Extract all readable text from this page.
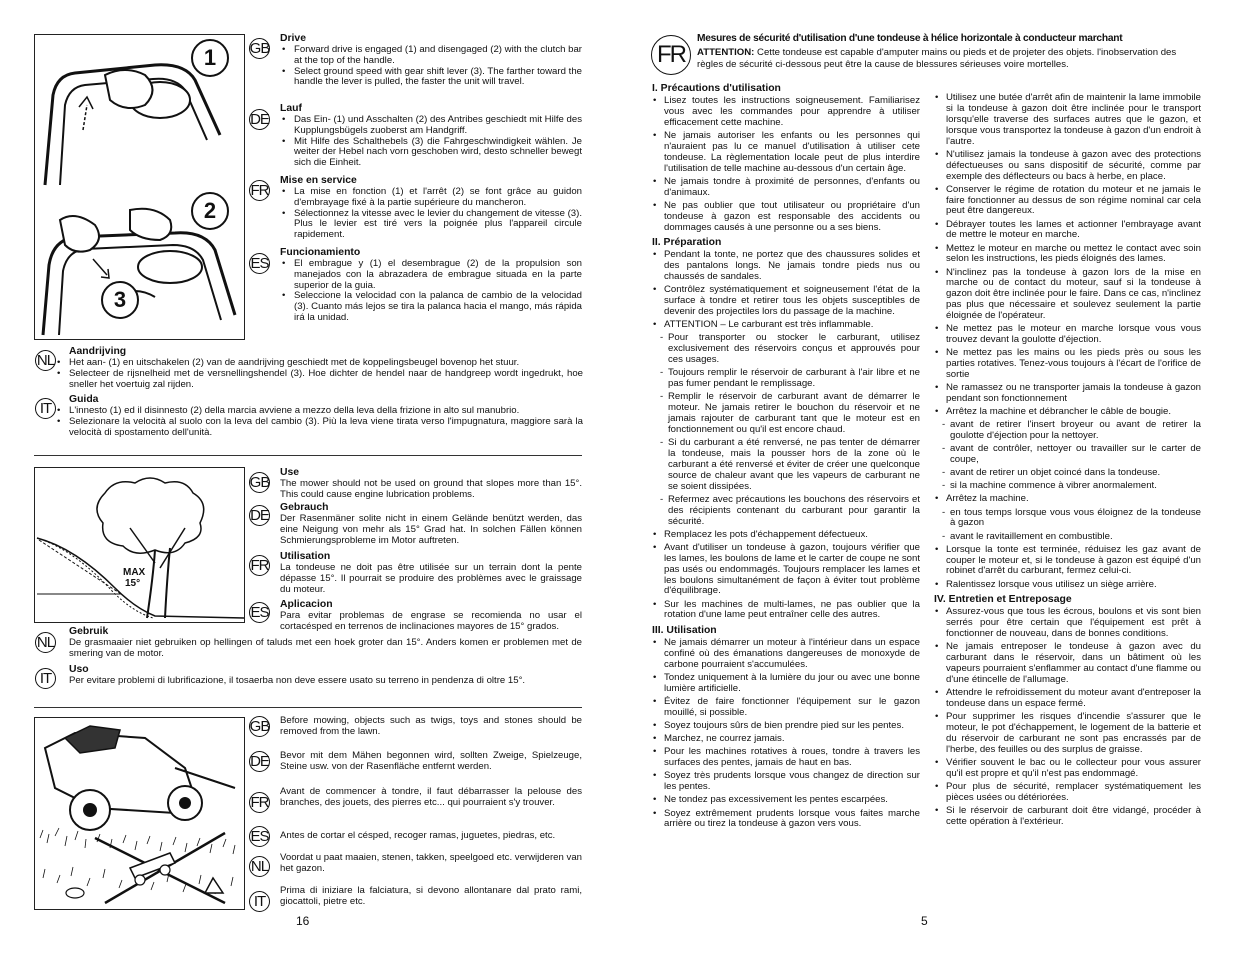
1
2
3
GB
Drive
• Forward drive is engaged (1) and disengaged (2) with the clutch bar at the top of the handle.
• Select ground speed with gear shift lever (3). The farther toward the handle the lever is pulled, the faster the unit will travel.
DE
Lauf
• Das Ein- (1) und Asschalten (2) des Antribes geschiedt mit Hilfe des Kupplungsbügels zuoberst am Handgriff.
• Mit Hilfe des Schalthebels (3) die Fahrgeschwindigkeit wählen. Je weiter der Hebel nach vorn geschoben wird, desto schneller bewegt sich die Einheit.
FR
Mise en service
• La mise en fonction (1) et l'arrêt (2) se font grâce au guidon d'embrayage fixé à la partie supérieure du mancheron.
• Sélectionnez la vitesse avec le levier du changement de vitesse (3). Plus le levier est tiré vers la poignée plus l'appareil circule rapidement.
ES
Funcionamiento
• El embrague y (1) el desembrague (2) de la propulsion son manejados con la abrazadera de embrague situada en la parte superior de la guia.
• Seleccione la velocidad con la palanca de cambio de la velocidad (3). Cuanto más lejos se tira la palanca hacia el mango, más rápida irá la unidad.
NL
Aandrijving
• Het aan- (1) en uitschakelen (2) van de aandrijving geschiedt met de koppelingsbeugel bovenop het stuur.
• Selecteer de rijsnelheid met de versnellingshendel (3). Hoe dichter de hendel naar de handgreep wordt ingedrukt, hoe sneller het voertuig zal rijden.
IT
Guida
• L'innesto (1) ed il disinnesto (2) della marcia avviene a mezzo della leva della frizione in alto sul manubrio.
• Selezionare la velocità al suolo con la leva del cambio (3). Più la leva viene tirata verso l'impugnatura, maggiore sarà la velocità di spostamento dell'unità.
MAX
15°
GB
Use

The mower should not be used on ground that slopes more than 15°. This could cause engine lubrication problems.

DE Gebrauch

Der Rasenmäner solite nicht in einem Gelände benützt werden, das eine Neigung von mehr als 15° Grad hat. In solchen Fällen können Schmierungsprobleme im Motor auftreten.

FR
Utilisation

La tondeuse ne doit pas être utilisée sur un terrain dont la pente dépasse 15°. Il pourrait se produire des problèmes avec le graissage du moteur.

ES Aplicacion

Para evitar problemas de engrase se recomienda no usar el cortacésped en terrenos de inclinaciones mayores de 15° grados.

NL
Gebruik

De grasmaaier niet gebruiken op hellingen of taluds met een hoek groter dan 15°. Anders komen er problemen met de smering van de motor.

IT
Uso

Per evitare problemi di lubrificazione, il tosaerba non deve essere usato su terreno in pendenza di oltre 15°.

GB Before mowing, objects such as twigs, toys and stones should be removed from the lawn.
DE Bevor mit dem Mähen begonnen wird, sollten Zweige, Spielzeuge, Steine usw. von der Rasenfläche entfernt werden.
FR
Avant de commencer à tondre, il faut débarrasser la pelouse des branches, des jouets, des pierres etc... qui pourraient s'y trouver.
ES Antes de cortar el césped, recoger ramas, juguetes, piedras, etc.
NL
Voordat u paat maaien, stenen, takken, speelgoed etc. verwijderen van het gazon.
IT
Prima di iniziare la falciatura, si devono allontanare dal prato rami, giocattoli, pietre etc.
16
FR
Mesures de sécurité d'utilisation d'une tondeuse à hélice horizontale à conducteur marchant
ATTENTION: Cette tondeuse est capable d'amputer mains ou pieds et de projeter des objets. l'inobservation des règles de sécurité ci-dessous peut être la cause de blessures sérieuses voire mortelles.
I. Précautions d'utilisation
• Lisez toutes les instructions soigneusement. Familiarisez vous avec les commandes pour apprendre à utiliser efficacement cette machine.
• Ne jamais autoriser les enfants ou les personnes qui n'auraient pas lu ce manuel d'utilisation à utiliser cete tondeuse. La règlementation locale peut de plus interdire l'utilisation de telle machine au-dessous d'un certain âge.
• Ne jamais tondre à proximité de personnes, d'enfants ou d'animaux.
• Ne pas oublier que tout utilisateur ou propriétaire d'un tondeuse à gazon est responsable des accidents ou dommages causés à une personne ou a ses biens.
II. Préparation
• Pendant la tonte, ne portez que des chaussures solides et des pantalons longs. Ne jamais tondre pieds nus ou chaussés de sandales.
• Contrôlez systématiquement et soigneusement l'état de la surface à tondre et retirer tous les objets susceptibles de devenir des projectiles lors du passage de la machine.
• ATTENTION – Le carburant est très inflammable.
- Pour transporter ou stocker le carburant, utilisez exclusivement des réservoirs conçus et approuvés pour ces usages.
- Toujours remplir le réservoir de carburant à l'air libre et ne pas fumer pendant le remplissage.
- Remplir le réservoir de carburant avant de démarrer le moteur. Ne jamais retirer le bouchon du réservoir et ne jamais rajouter de carburant tant que le moteur est en fonctionnement ou qu'il est encore chaud.
- Si du carburant a été renversé, ne pas tenter de démarrer la tondeuse, mais la pousser hors de la zone où le carburant a été renversé et éviter de créer une quelconque source de chaleur avant que les vapeurs de carburant ne se soient dissipées.
- Refermez avec précautions les bouchons des réservoirs et des récipients contenant du carburant pour garantir la sécurité.
• Remplacez les pots d'échappement défectueux.
• Avant d'utiliser un tondeuse à gazon, toujours vérifier que les lames, les boulons de lame et le carter de coupe ne sont pas usés ou endommagés. Toujours remplacer les lames et les boulons simultanément de façon à éviter tout problème d'équilibrage.
• Sur les machines de multi-lames, ne pas oublier que la rotation d'une lame peut entraîner celle des autres.
III. Utilisation
• Ne jamais démarrer un moteur à l'intérieur dans un espace confiné où des émanations dangereuses de monoxyde de carbone pourraient s'accumulées.
• Tondez uniquement à la lumière du jour ou avec une bonne lumière artificielle.
• Évitez de faire fonctionner l'équipement sur le gazon mouillé, si possible.
• Soyez toujours sûrs de bien prendre pied sur les pentes.
• Marchez, ne courrez jamais.
• Pour les machines rotatives à roues, tondre à travers les surfaces des pentes, jamais de haut en bas.
• Soyez très prudents lorsque vous changez de direction sur les pentes.
• Ne tondez pas excessivement les pentes escarpées.
• Soyez extrêmement prudents lorsque vous faites marche arrière ou tirez la tondeuse à gazon vers vous.
• Utilisez une butée d'arrêt afin de maintenir la lame immobile si la tondeuse à gazon doit être inclinée pour le transport lorsqu'elle traverse des surfaces autres que le gazon, et lorsque vous transportez la tondeuse à gazon d'un endroit à l'autre.
• N'utilisez jamais la tondeuse à gazon avec des protections défectueuses ou sans dispositif de sécurité, comme par exemple des déflecteurs ou bacs à herbe, en place.
• Conserver le régime de rotation du moteur et ne jamais le faire fonctionner au dessus de son régime nominal car cela peut être dangereux.
• Débrayer toutes les lames et actionner l'embrayage avant de mettre le moteur en marche.
• Mettez le moteur en marche ou mettez le contact avec soin selon les instructions, les pieds éloignés des lames.
• N'inclinez pas la tondeuse à gazon lors de la mise en marche ou de contact du moteur, sauf si la tondeuse à gazon doit être inclinée pour le faire. Dans ce cas, n'inclinez pas plus que nécessaire et soulevez seulement la partie éloignée de l'opérateur.
• Ne mettez pas le moteur en marche lorsque vous vous trouvez devant la goulotte d'éjection.
• Ne mettez pas les mains ou les pieds près ou sous les parties rotatives. Tenez-vous toujours à l'écart de l'orifice de sortie
• Ne ramassez ou ne transporter jamais la tondeuse à gazon pendant son fonctionnement
• Arrêtez la machine et débrancher le câble de bougie.
- avant de retirer l'insert broyeur ou avant de retirer la goulotte d'éjection pour la nettoyer.
- avant de contrôler, nettoyer ou travailler sur le carter de coupe,
- avant de retirer un objet coincé dans la tondeuse.
- si la machine commence à vibrer anormalement.
• Arrêtez la machine.
- en tous temps lorsque vous vous éloignez de la tondeuse à gazon
- avant le ravitaillement en combustible.
• Lorsque la tonte est terminée, réduisez les gaz avant de couper le moteur et, si le tondeuse à gazon est équipé d'un robinet d'arrêt du carburant, fermez celui-ci.
• Ralentissez lorsque vous utilisez un siège arrière.
IV. Entretien et Entreposage
• Assurez-vous que tous les écrous, boulons et vis sont bien serrés pour être certain que l'équipement est prêt à fonctionner de nouveau, dans de bonnes conditions.
• Ne jamais entreposer le tondeuse à gazon avec du carburant dans le réservoir, dans un bâtiment où les vapeurs pourraient s'enflammer au contact d'une flamme ou d'une étincelle de l'allumage.
• Attendre le refroidissement du moteur avant d'entreposer la tondeuse dans un espace fermé.
• Pour supprimer les risques d'incendie s'assurer que le moteur, le pot d'échappement, le logement de la batterie et du réservoir de carburant ne sont pas encrassés par de l'herbe, des feuilles ou des surplus de graisse.
• Vérifier souvent le bac ou le collecteur pour vous assurer qu'il est propre et qu'il n'est pas endommagé.
• Pour plus de sécurité, remplacer systématiquement les pièces usées ou détériorées.
• Si le réservoir de carburant doit être vidangé, procéder à cette opération à l'extérieur.
5
